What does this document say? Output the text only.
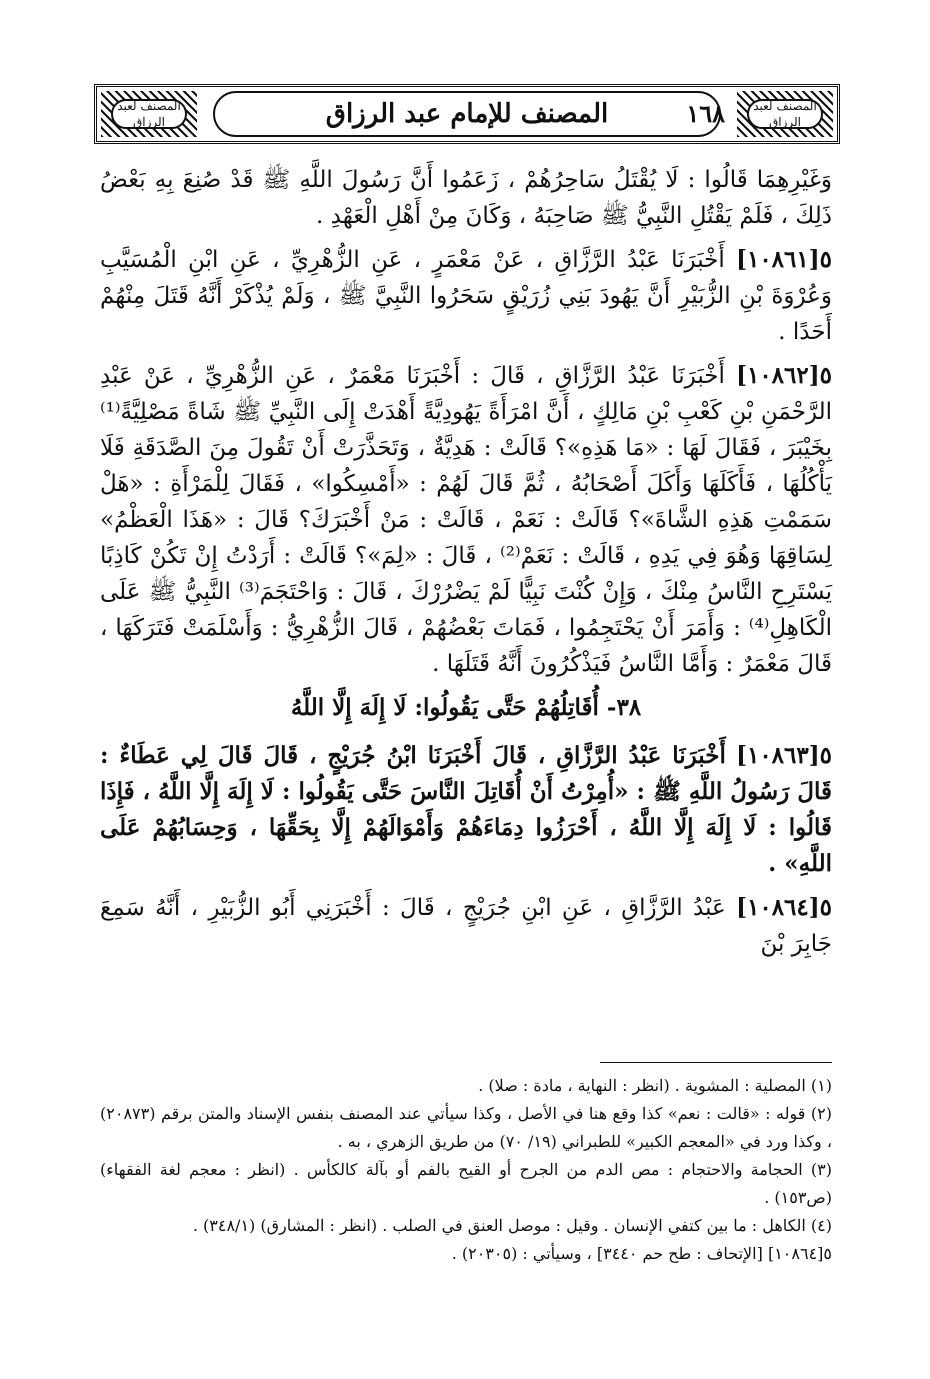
المصنف لعبد الرزاق
المصنف للإمام عبد الرزاق	١٦٨
المصنف لعبد الرزاق

وَغَيْرِهِمَا قَالُوا : لَا يُقْتَلُ سَاحِرُهُمْ ، زَعَمُوا أَنَّ رَسُولَ اللَّهِ ﷺ قَدْ صُنِعَ بِهِ بَعْضُ ذَلِكَ ، فَلَمْ يَقْتُلِ النَّبِيُّ ﷺ صَاحِبَهُ ، وَكَانَ مِنْ أَهْلِ الْعَهْدِ .

٥[١٠٨٦١] أَخْبَرَنَا عَبْدُ الرَّزَّاقِ ، عَنْ مَعْمَرٍ ، عَنِ الزُّهْرِيِّ ، عَنِ ابْنِ الْمُسَيَّبِ وَعُرْوَةَ بْنِ الزُّبَيْرِ أَنَّ يَهُودَ بَنِي زُرَيْقٍ سَحَرُوا النَّبِيَّ ﷺ ، وَلَمْ يُذْكَرْ أَنَّهُ قَتَلَ مِنْهُمْ أَحَدًا .

٥[١٠٨٦٢] أَخْبَرَنَا عَبْدُ الرَّزَّاقِ ، قَالَ : أَخْبَرَنَا مَعْمَرٌ ، عَنِ الزُّهْرِيِّ ، عَنْ عَبْدِ الرَّحْمَنِ بْنِ كَعْبِ بْنِ مَالِكٍ ، أَنَّ امْرَأَةً يَهُودِيَّةً أَهْدَتْ إِلَى النَّبِيِّ ﷺ شَاةً مَصْلِيَّةً⁽¹⁾ بِخَيْبَرَ ، فَقَالَ لَهَا : «مَا هَذِهِ»؟ قَالَتْ : هَدِيَّةٌ ، وَتَحَذَّرَتْ أَنْ تَقُولَ مِنَ الصَّدَقَةِ فَلَا يَأْكُلُهَا ، فَأَكَلَهَا وَأَكَلَ أَصْحَابُهُ ، ثُمَّ قَالَ لَهُمْ : «أَمْسِكُوا» ، فَقَالَ لِلْمَرْأَةِ : «هَلْ سَمَمْتِ هَذِهِ الشَّاةَ»؟ قَالَتْ : نَعَمْ ، قَالَتْ : مَنْ أَخْبَرَكَ؟ قَالَ : «هَذَا الْعَظْمُ» لِسَاقِهَا وَهُوَ فِي يَدِهِ ، قَالَتْ : نَعَمْ⁽²⁾ ، قَالَ : «لِمَ»؟ قَالَتْ : أَرَدْتُ إِنْ تَكُنْ كَاذِبًا يَسْتَرِحِ النَّاسُ مِنْكَ ، وَإِنْ كُنْتَ نَبِيًّا لَمْ يَضْرُرْكَ ، قَالَ : وَاحْتَجَمَ⁽³⁾ النَّبِيُّ ﷺ عَلَى الْكَاهِلِ⁽⁴⁾ : وَأَمَرَ أَنْ يَحْتَجِمُوا ، فَمَاتَ بَعْضُهُمْ ، قَالَ الزُّهْرِيُّ : وَأَسْلَمَتْ فَتَرَكَهَا ، قَالَ مَعْمَرٌ : وَأَمَّا النَّاسُ فَيَذْكُرُونَ أَنَّهُ قَتَلَهَا .

٣٨- أُقَاتِلُهُمْ حَتَّى يَقُولُوا: لَا إِلَهَ إِلَّا اللَّهُ

٥[١٠٨٦٣] أَخْبَرَنَا عَبْدُ الرَّزَّاقِ ، قَالَ أَخْبَرَنَا ابْنُ جُرَيْجٍ ، قَالَ قَالَ لِي عَطَاءٌ : قَالَ رَسُولُ اللَّهِ ﷺ : «أُمِرْتُ أَنْ أُقَاتِلَ النَّاسَ حَتَّى يَقُولُوا : لَا إِلَهَ إِلَّا اللَّهُ ، فَإِذَا قَالُوا : لَا إِلَهَ إِلَّا اللَّهُ ، أَحْرَزُوا دِمَاءَهُمْ وَأَمْوَالَهُمْ إِلَّا بِحَقِّهَا ، وَحِسَابُهُمْ عَلَى اللَّهِ» .

٥[١٠٨٦٤] عَبْدُ الرَّزَّاقِ ، عَنِ ابْنِ جُرَيْجٍ ، قَالَ : أَخْبَرَنِي أَبُو الزُّبَيْرِ ، أَنَّهُ سَمِعَ جَابِرَ بْنَ

(١) المصلية : المشوية . (انظر : النهاية ، مادة : صلا) .

(٢) قوله : «قالت : نعم» كذا وقع هنا في الأصل ، وكذا سيأتي عند المصنف بنفس الإسناد والمتن برقم (٢٠٨٧٣) ، وكذا ورد في «المعجم الكبير» للطبراني (١٩/ ٧٠) من طريق الزهري ، به .

(٣) الحجامة والاحتجام : مص الدم من الجرح أو القيح بالفم أو بآلة كالكأس . (انظر : معجم لغة الفقهاء) (ص١٥٣) .

(٤) الكاهل : ما بين كتفي الإنسان . وقيل : موصل العنق في الصلب . (انظر : المشارق) (٣٤٨/١) .

٥[١٠٨٦٤] [الإتحاف : طح حم ٣٤٤٠] ، وسيأتي : (٢٠٣٠٥) .
